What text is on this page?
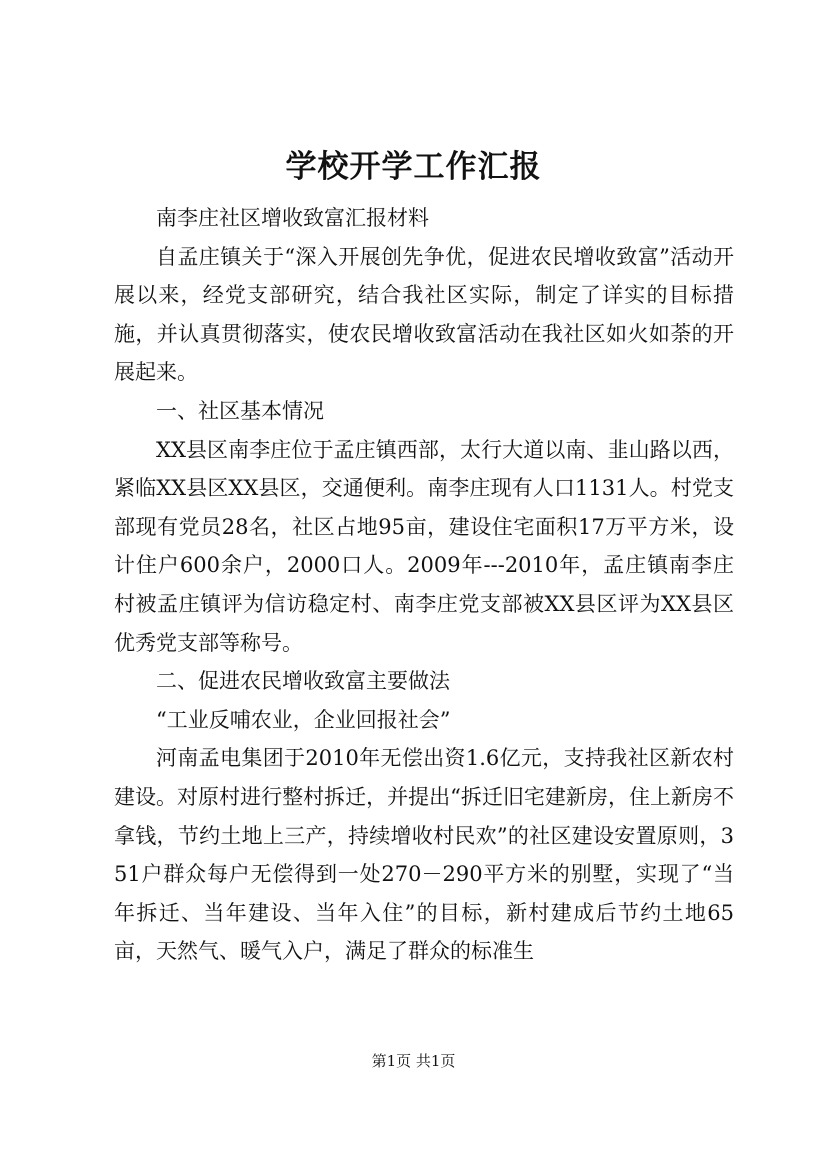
学校开学工作汇报

南李庄社区增收致富汇报材料

自孟庄镇关于“深入开展创先争优，促进农民增收致富”活动开展以来，经党支部研究，结合我社区实际，制定了详实的目标措施，并认真贯彻落实，使农民增收致富活动在我社区如火如荼的开展起来。

一、社区基本情况

XX县区南李庄位于孟庄镇西部，太行大道以南、韭山路以西，紧临XX县区XX县区，交通便利。南李庄现有人口1131人。村党支部现有党员28名，社区占地95亩，建设住宅面积17万平方米，设计住户600余户，2000口人。2009年---2010年，孟庄镇南李庄村被孟庄镇评为信访稳定村、南李庄党支部被XX县区评为XX县区优秀党支部等称号。

二、促进农民增收致富主要做法

“工业反哺农业，企业回报社会”

河南孟电集团于2010年无偿出资1.6亿元，支持我社区新农村建设。对原村进行整村拆迁，并提出“拆迁旧宅建新房，住上新房不拿钱，节约土地上三产，持续增收村民欢”的社区建设安置原则，351户群众每户无偿得到一处270－290平方米的别墅，实现了“当年拆迁、当年建设、当年入住”的目标，新村建成后节约土地65亩，天然气、暖气入户，满足了群众的标准生

第1页 共1页
